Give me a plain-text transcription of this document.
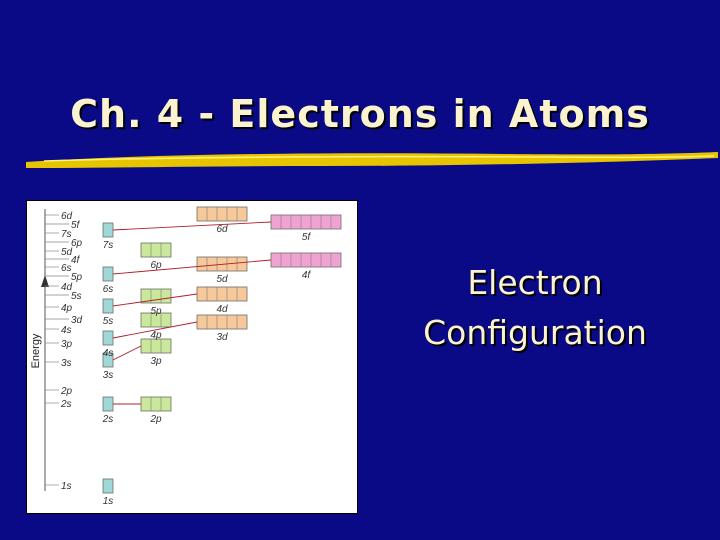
Ch. 4 - Electrons in Atoms
Energy
6d
5f
7s
6p
5d
4f
6s
5p
4d
5s
4p
3d
4s
3p
3s
2p
2s
1s
1s
2s	2p
3s
3p
4s
3d
4p
5s
4d
5p
6s
4f
5d
6p
7s
5f
6d
Electron
Configuration
